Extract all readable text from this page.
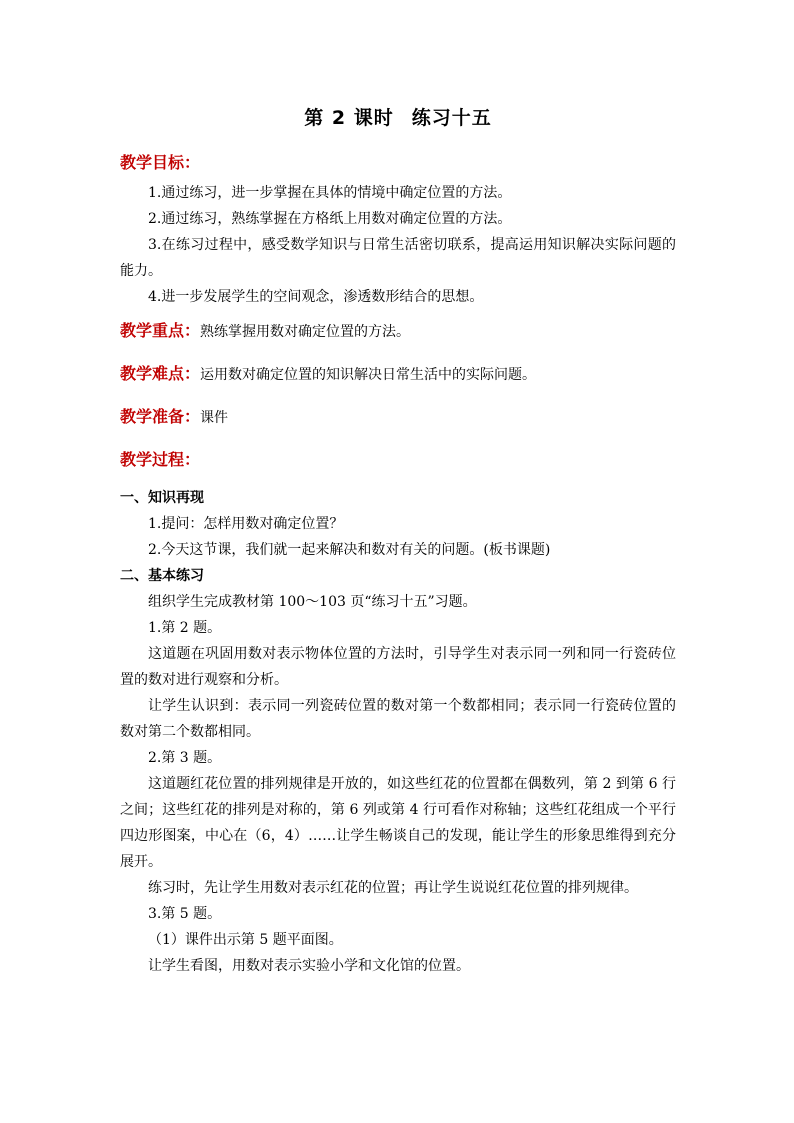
第 2 课时 练习十五
教学目标：

1.通过练习，进一步掌握在具体的情境中确定位置的方法。

2.通过练习，熟练掌握在方格纸上用数对确定位置的方法。

3.在练习过程中，感受数学知识与日常生活密切联系，提高运用知识解决实际问题的能力。

4.进一步发展学生的空间观念，渗透数形结合的思想。

教学重点：熟练掌握用数对确定位置的方法。
教学难点：运用数对确定位置的知识解决日常生活中的实际问题。
教学准备：课件
教学过程：
一、知识再现

1.提问：怎样用数对确定位置？

2.今天这节课，我们就一起来解决和数对有关的问题。(板书课题)

二、基本练习

组织学生完成教材第 100～103 页“练习十五”习题。

1.第 2 题。

这道题在巩固用数对表示物体位置的方法时，引导学生对表示同一列和同一行瓷砖位置的数对进行观察和分析。

让学生认识到：表示同一列瓷砖位置的数对第一个数都相同；表示同一行瓷砖位置的数对第二个数都相同。

2.第 3 题。

这道题红花位置的排列规律是开放的，如这些红花的位置都在偶数列，第 2 到第 6 行之间；这些红花的排列是对称的，第 6 列或第 4 行可看作对称轴；这些红花组成一个平行四边形图案，中心在（6，4）……让学生畅谈自己的发现，能让学生的形象思维得到充分展开。

练习时，先让学生用数对表示红花的位置；再让学生说说红花位置的排列规律。

3.第 5 题。

（1）课件出示第 5 题平面图。

让学生看图，用数对表示实验小学和文化馆的位置。
